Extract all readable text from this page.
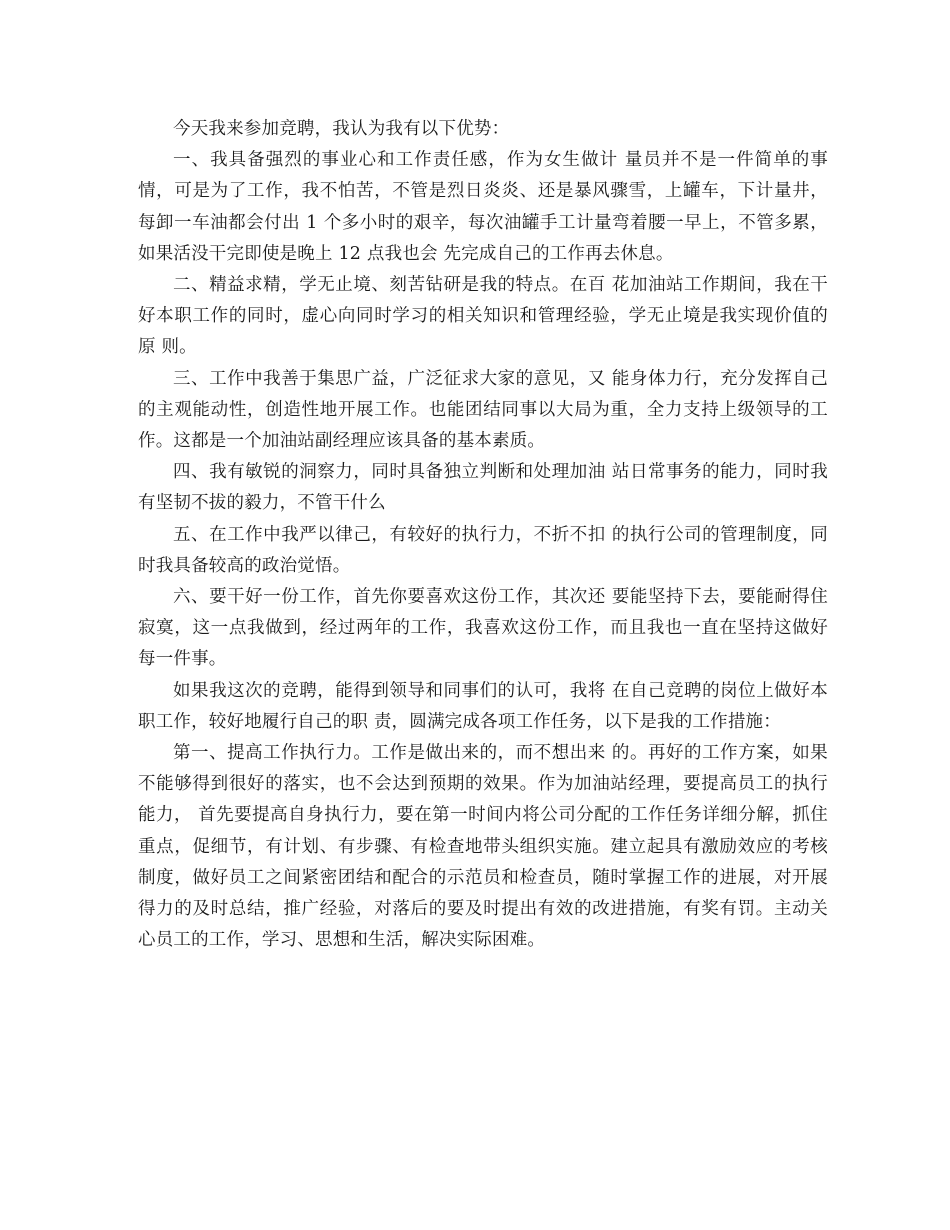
今天我来参加竞聘，我认为我有以下优势：

一、我具备强烈的事业心和工作责任感，作为女生做计 量员并不是一件简单的事情，可是为了工作，我不怕苦，不管是烈日炎炎、还是暴风骤雪，上罐车，下计量井，每卸一车油都会付出 1 个多小时的艰辛，每次油罐手工计量弯着腰一早上，不管多累，如果活没干完即使是晚上 12 点我也会 先完成自己的工作再去休息。

二、精益求精，学无止境、刻苦钻研是我的特点。在百 花加油站工作期间，我在干好本职工作的同时，虚心向同时学习的相关知识和管理经验，学无止境是我实现价值的原 则。

三、工作中我善于集思广益，广泛征求大家的意见，又 能身体力行，充分发挥自己的主观能动性，创造性地开展工作。也能团结同事以大局为重，全力支持上级领导的工作。这都是一个加油站副经理应该具备的基本素质。

四、我有敏锐的洞察力，同时具备独立判断和处理加油 站日常事务的能力，同时我有坚韧不拔的毅力，不管干什么

五、在工作中我严以律己，有较好的执行力，不折不扣 的执行公司的管理制度，同时我具备较高的政治觉悟。

六、要干好一份工作，首先你要喜欢这份工作，其次还 要能坚持下去，要能耐得住寂寞，这一点我做到，经过两年的工作，我喜欢这份工作，而且我也一直在坚持这做好每一件事。

如果我这次的竞聘，能得到领导和同事们的认可，我将 在自己竞聘的岗位上做好本职工作，较好地履行自己的职 责，圆满完成各项工作任务，以下是我的工作措施：

第一、提高工作执行力。工作是做出来的，而不想出来 的。再好的工作方案，如果不能够得到很好的落实，也不会达到预期的效果。作为加油站经理，要提高员工的执行能力， 首先要提高自身执行力，要在第一时间内将公司分配的工作任务详细分解，抓住重点，促细节，有计划、有步骤、有检查地带头组织实施。建立起具有激励效应的考核制度，做好员工之间紧密团结和配合的示范员和检查员，随时掌握工作的进展，对开展得力的及时总结，推广经验，对落后的要及时提出有效的改进措施，有奖有罚。主动关心员工的工作，学习、思想和生活，解决实际困难。
